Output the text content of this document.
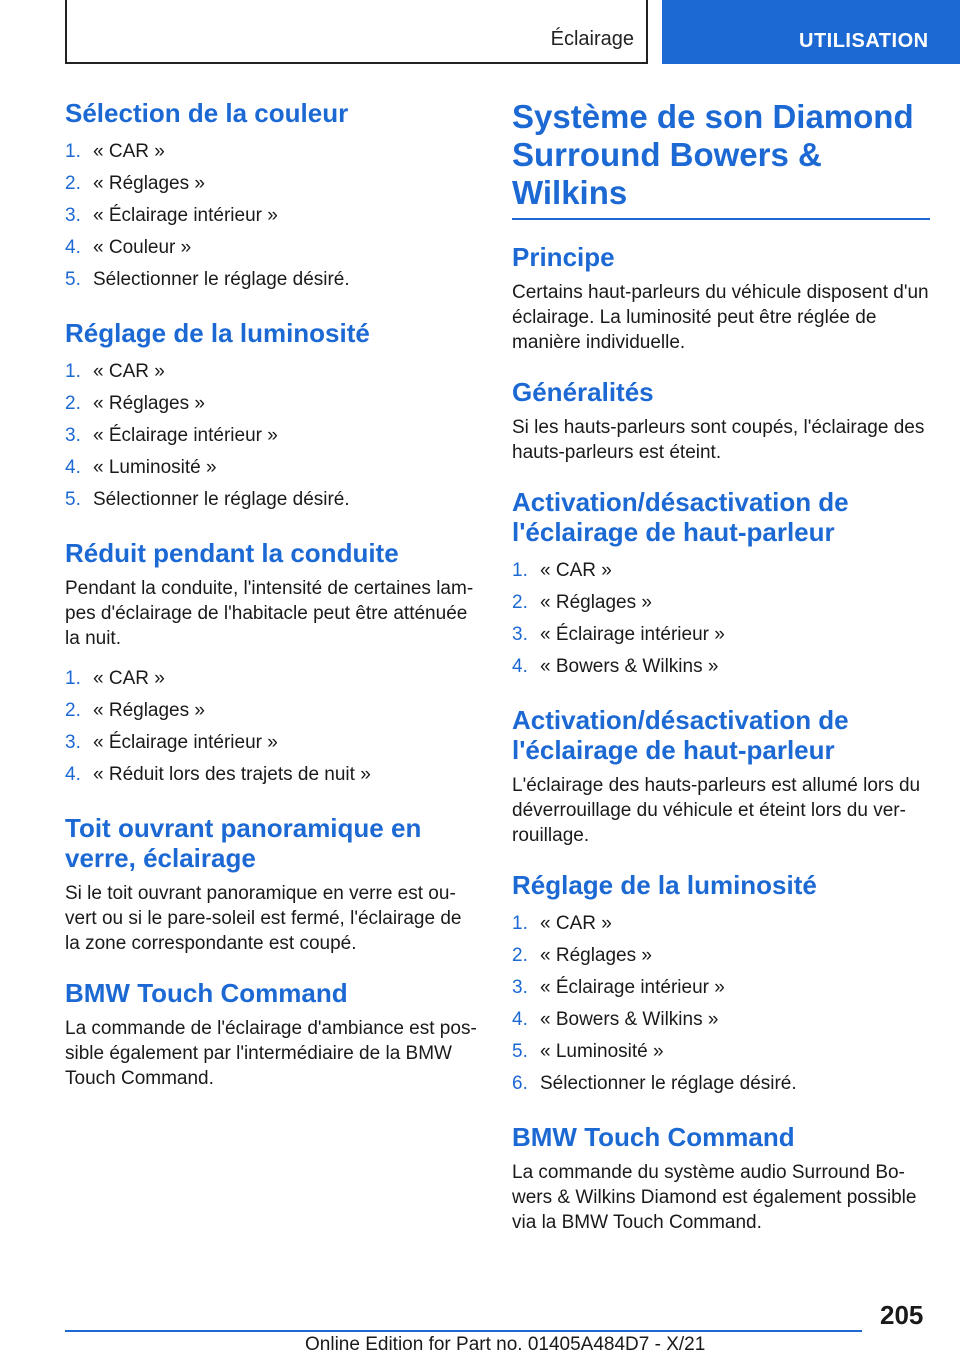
Éclairage	UTILISATION
Sélection de la couleur
1. « CAR »
2. « Réglages »
3. « Éclairage intérieur »
4. « Couleur »
5. Sélectionner le réglage désiré.
Réglage de la luminosité
1. « CAR »
2. « Réglages »
3. « Éclairage intérieur »
4. « Luminosité »
5. Sélectionner le réglage désiré.
Réduit pendant la conduite

Pendant la conduite, l'intensité de certaines lam-pes d'éclairage de l'habitacle peut être atténuée la nuit.

1. « CAR »
2. « Réglages »
3. « Éclairage intérieur »
4. « Réduit lors des trajets de nuit »
Toit ouvrant panoramique en verre, éclairage

Si le toit ouvrant panoramique en verre est ou-vert ou si le pare-soleil est fermé, l'éclairage de la zone correspondante est coupé.

BMW Touch Command

La commande de l'éclairage d'ambiance est pos-sible également par l'intermédiaire de la BMW Touch Command.

Système de son Diamond Surround Bowers & Wilkins
Principe

Certains haut-parleurs du véhicule disposent d'un éclairage. La luminosité peut être réglée de manière individuelle.

Généralités

Si les hauts-parleurs sont coupés, l'éclairage des hauts-parleurs est éteint.

Activation/désactivation de l'éclairage de haut-parleur
1. « CAR »
2. « Réglages »
3. « Éclairage intérieur »
4. « Bowers & Wilkins »
Activation/désactivation de l'éclairage de haut-parleur

L'éclairage des hauts-parleurs est allumé lors du déverrouillage du véhicule et éteint lors du ver-rouillage.

Réglage de la luminosité
1. « CAR »
2. « Réglages »
3. « Éclairage intérieur »
4. « Bowers & Wilkins »
5. « Luminosité »
6. Sélectionner le réglage désiré.
BMW Touch Command

La commande du système audio Surround Bo-wers & Wilkins Diamond est également possible via la BMW Touch Command.

205
Online Edition for Part no. 01405A484D7 - X/21
